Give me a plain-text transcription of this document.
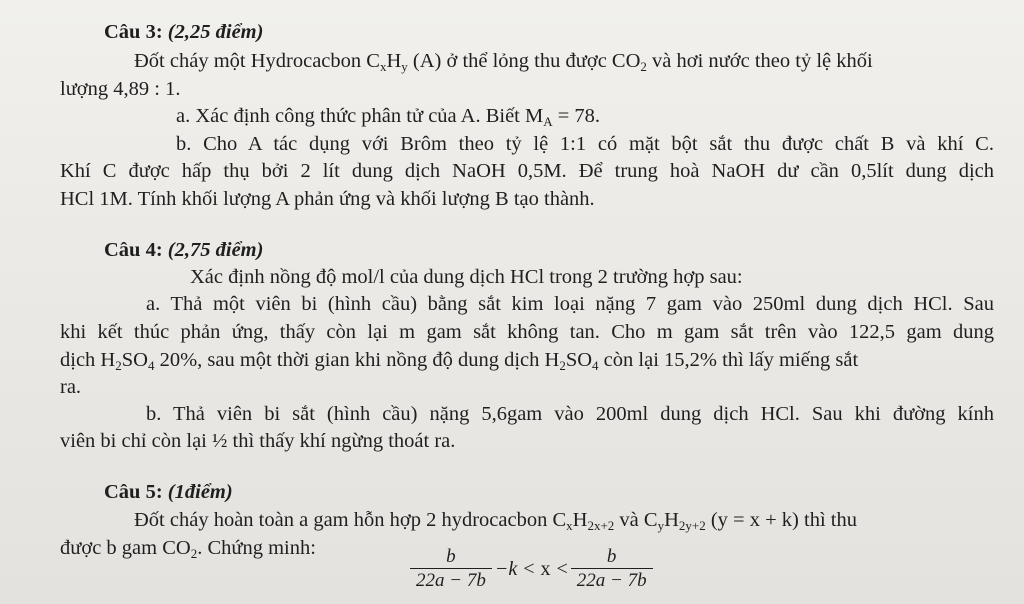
Câu 3: (2,25 điểm)
Đốt cháy một Hydrocacbon $C_xH_y$ (A) ở thể lỏng thu được $CO_2$ và hơi nước theo tỷ lệ khối
lượng 4,89 : 1.
a. Xác định công thức phân tử của A. Biết $M_A = 78$.
b. Cho A tác dụng với Brôm theo tỷ lệ 1:1 có mặt bột sắt thu được chất B và khí C.
Khí C được hấp thụ bởi 2 lít dung dịch NaOH 0,5M. Để trung hoà NaOH dư cần 0,5lít dung dịch
HCl 1M. Tính khối lượng A phản ứng và khối lượng B tạo thành.
Câu 4: (2,75 điểm)
Xác định nồng độ mol/l của dung dịch HCl trong 2 trường hợp sau:
a. Thả một viên bi (hình cầu) bằng sắt kim loại nặng 7 gam vào 250ml dung dịch HCl. Sau
khi kết thúc phản ứng, thấy còn lại m gam sắt không tan. Cho m gam sắt trên vào 122,5 gam dung
dịch $H_2SO_4$ 20%, sau một thời gian khi nồng độ dung dịch $H_2SO_4$ còn lại 15,2% thì lấy miếng sắt
ra.
b. Thả viên bi sắt (hình cầu) nặng 5,6gam vào 200ml dung dịch HCl. Sau khi đường kính
viên bi chỉ còn lại ½ thì thấy khí ngừng thoát ra.
Câu 5: (1điểm)
Đốt cháy hoàn toàn a gam hỗn hợp 2 hydrocacbon $C_xH_{2x+2}$ và $C_yH_{2y+2}$ (y = x + k) thì thu
được b gam $CO_2$. Chứng minh:	$\frac{b}{22a - 7b} -k < x < \frac{b}{22a - 7b}$
